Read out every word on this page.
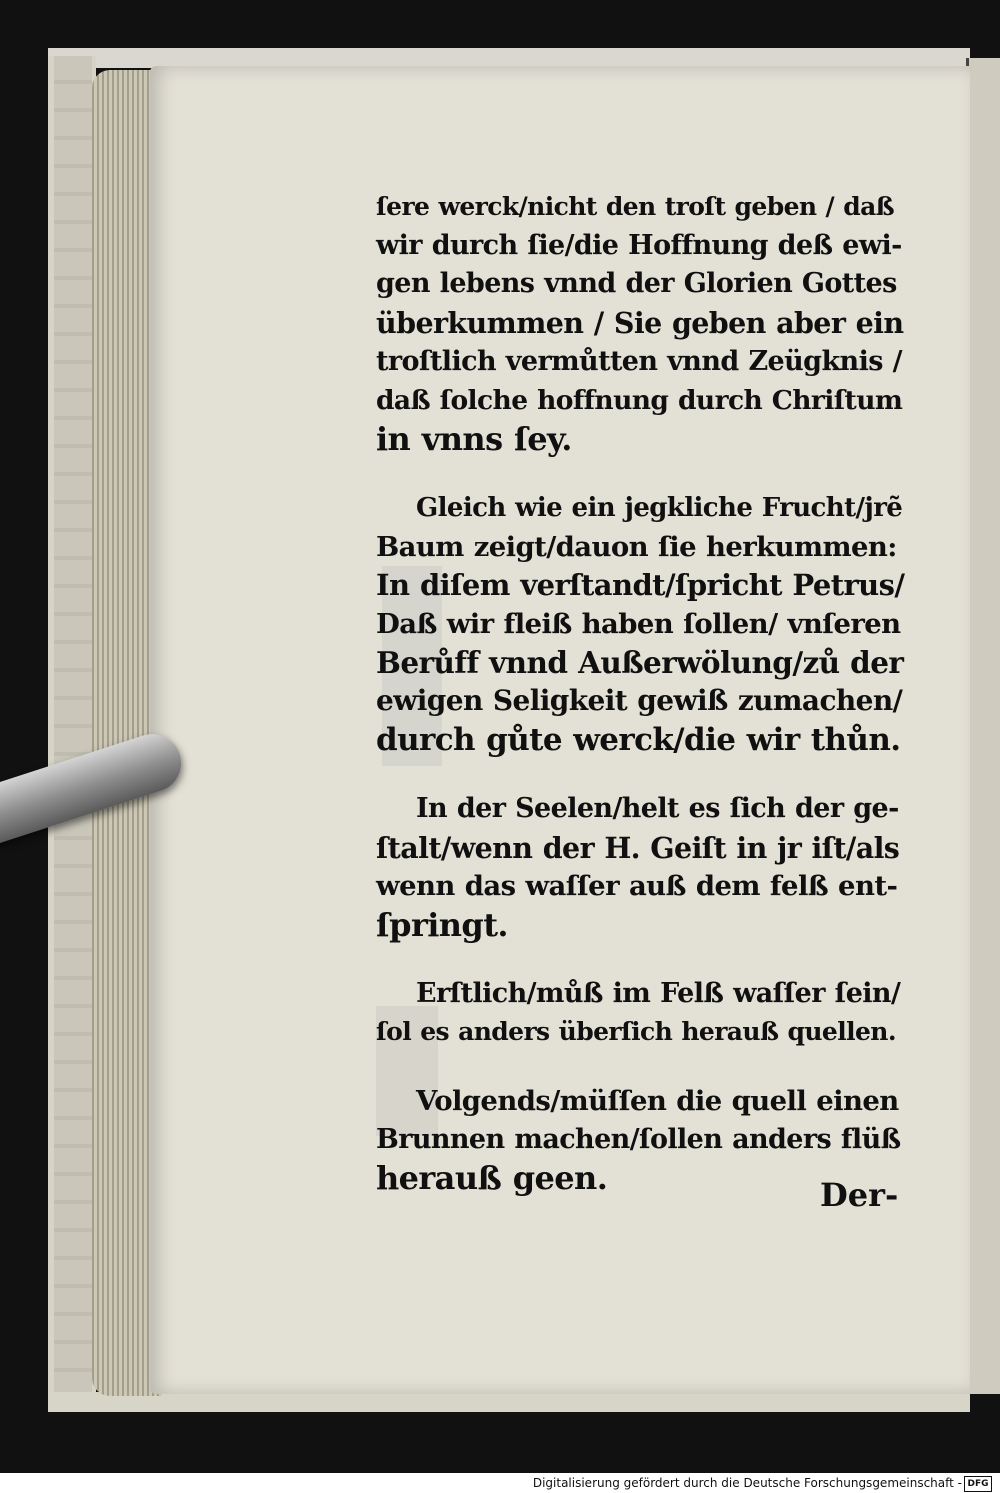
ſere werck/nicht den troſt geben / daß
wir durch ſie/die Hoffnung deß ewi-
gen lebens vnnd der Glorien Gottes
überkummen / Sie geben aber ein
troſtlich vermůtten vnnd Zeügknis /
daß ſolche hoffnung durch Chriſtum
in vnns ſey.
Gleich wie ein jegkliche Frucht/jrẽ
Baum zeigt/dauon ſie herkummen:
In diſem verſtandt/ſpricht Petrus/
Daß wir fleiß haben ſollen/ vnſeren
Berůff vnnd Außerwölung/zů der
ewigen Seligkeit gewiß zumachen/
durch gůte werck/die wir thůn.
In der Seelen/helt es ſich der ge-
ſtalt/wenn der H. Geiſt in jr iſt/als
wenn das waſſer auß dem felß ent-
ſpringt.
Erſtlich/můß im Felß waſſer ſein/
ſol es anders überſich herauß quellen.
Volgends/müſſen die quell einen
Brunnen machen/ſollen anders flüß
herauß geen.	Der-
Digitalisierung gefördert durch die Deutsche Forschungsgemeinschaft - DFG
